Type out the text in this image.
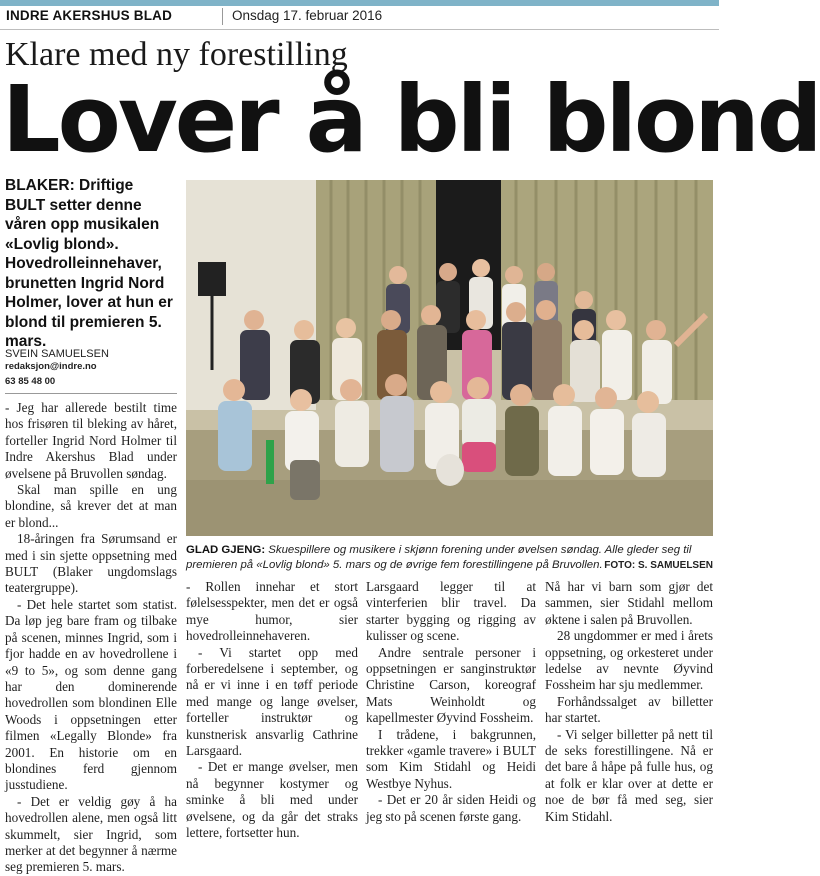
INDRE AKERSHUS BLAD	Onsdag 17. februar 2016
Klare med ny forestilling
Lover å bli blond
BLAKER: Driftige BULT setter denne våren opp musikalen «Lovlig blond». Hovedrolleinnehaver, brunetten Ingrid Nord Holmer, lover at hun er blond til premieren 5. mars.
SVEIN SAMUELSEN
redaksjon@indre.no
63 85 48 00
GLAD GJENG: Skuespillere og musikere i skjønn forening under øvelsen søndag. Alle gleder seg til premieren på «Lovlig blond» 5. mars og de øvrige fem forestillingene på Bruvollen. FOTO: S. SAMUELSEN

- Jeg har allerede bestilt time hos frisøren til bleking av håret, forteller Ingrid Nord Holmer til Indre Akershus Blad under øvelsene på Bruvollen søndag.

Skal man spille en ung blondine, så krever det at man er blond...

18-åringen fra Sørumsand er med i sin sjette oppsetning med BULT (Blaker ungdomslags teatergruppe).

- Det hele startet som statist. Da løp jeg bare fram og tilbake på scenen, minnes Ingrid, som i fjor hadde en av hovedrollene i «9 to 5», og som denne gang har den dominerende hovedrollen som blondinen Elle Woods i oppsetningen etter filmen «Legally Blonde» fra 2001. En historie om en blondines ferd gjennom jusstudiene.

- Det er veldig gøy å ha hovedrollen alene, men også litt skummelt, sier Ingrid, som merker at det begynner å nærme seg premieren 5. mars.

- Rollen innehar et stort følelsesspekter, men det er også mye humor, sier hovedrolleinnehaveren.

- Vi startet opp med forberedelsene i september, og nå er vi inne i en tøff periode med mange og lange øvelser, forteller instruktør og kunstnerisk ansvarlig Cathrine Larsgaard.

- Det er mange øvelser, men nå begynner kostymer og sminke å bli med under øvelsene, og da går det straks lettere, fortsetter hun.

Larsgaard legger til at vinterferien blir travel. Da starter bygging og rigging av kulisser og scene.

Andre sentrale personer i oppsetningen er sanginstruktør Christine Carson, koreograf Mats Weinholdt og kapellmester Øyvind Fossheim.

I trådene, i bakgrunnen, trekker «gamle travere» i BULT som Kim Stidahl og Heidi Westbye Nyhus.

- Det er 20 år siden Heidi og jeg sto på scenen første gang.

Nå har vi barn som gjør det sammen, sier Stidahl mellom øktene i salen på Bruvollen.

28 ungdommer er med i årets oppsetning, og orkesteret under ledelse av nevnte Øyvind Fossheim har sju medlemmer.

Forhåndssalget av billetter har startet.

- Vi selger billetter på nett til de seks forestillingene. Nå er det bare å håpe på fulle hus, og at folk er klar over at dette er noe de bør få med seg, sier Kim Stidahl.
